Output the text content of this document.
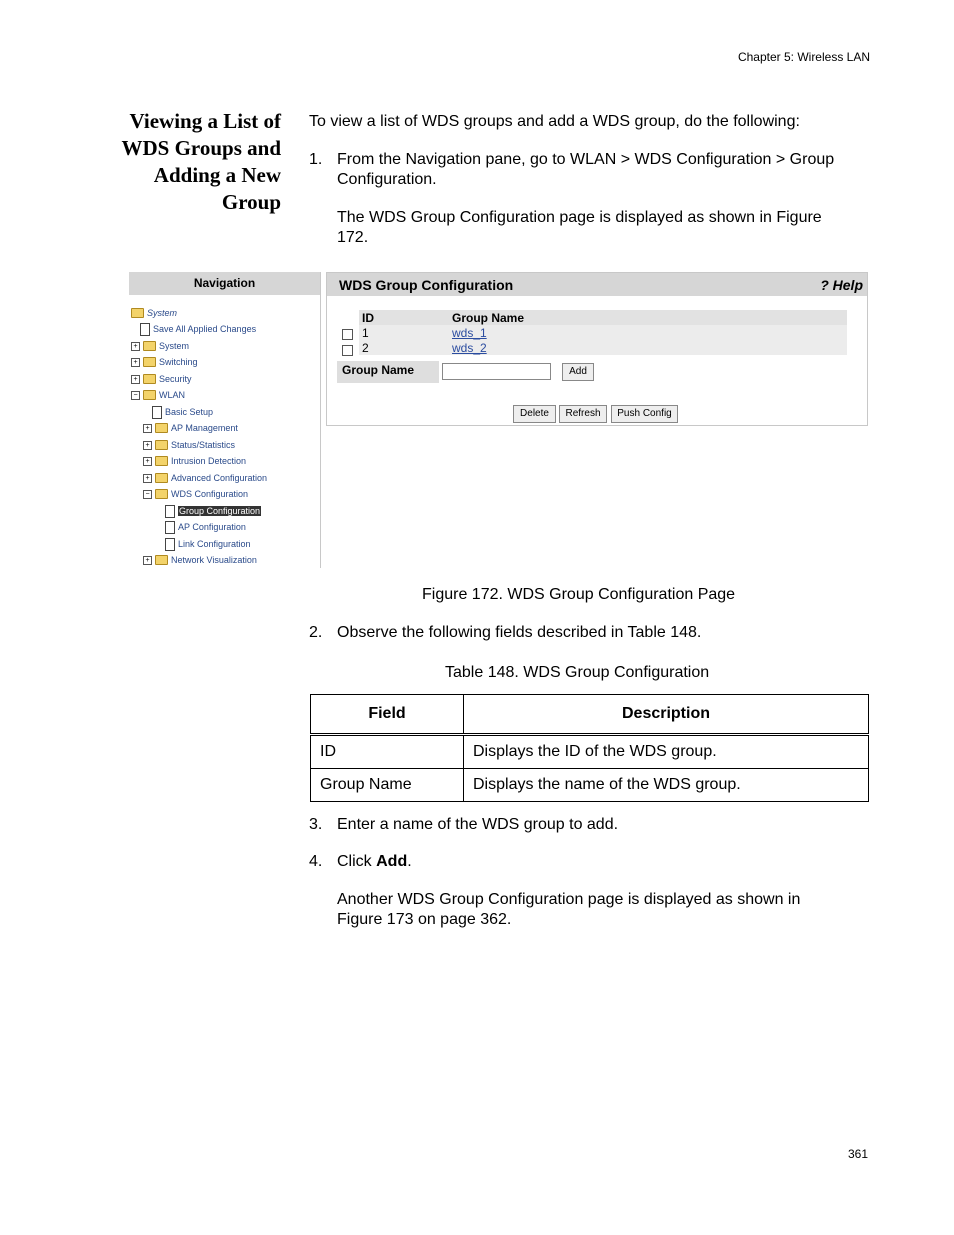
Chapter 5: Wireless LAN
Viewing a List of
WDS Groups and
Adding a New
Group
To view a list of WDS groups and add a WDS group, do the following:
1. From the Navigation pane, go to WLAN > WDS Configuration > Group Configuration.
The WDS Group Configuration page is displayed as shown in Figure 172.
Navigation
System
Save All Applied Changes
+ System
+ Switching
+ Security
− WLAN
Basic Setup
+ AP Management
+ Status/Statistics
+ Intrusion Detection
+ Advanced Configuration
− WDS Configuration
Group Configuration
AP Configuration
Link Configuration
+ Network Visualization
WDS Group Configuration	? Help
ID	Group Name
1	wds_1
2	wds_2
Group Name	Add
Delete	Refresh	Push Config
Figure 172. WDS Group Configuration Page
2. Observe the following fields described in Table 148.
Table 148. WDS Group Configuration
Field	Description
ID	Displays the ID of the WDS group.
Group Name	Displays the name of the WDS group.
3. Enter a name of the WDS group to add.
4. Click Add.
Another WDS Group Configuration page is displayed as shown in Figure 173 on page 362.
361
